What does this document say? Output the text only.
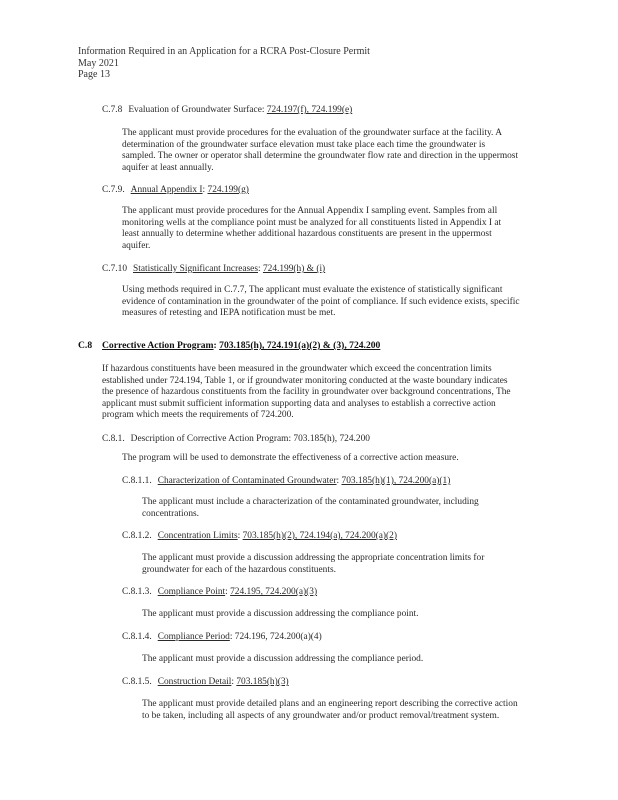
Information Required in an Application for a RCRA Post-Closure Permit
May 2021
Page 13
C.7.8 Evaluation of Groundwater Surface: 724.197(f), 724.199(e)
The applicant must provide procedures for the evaluation of the groundwater surface at the facility. A determination of the groundwater surface elevation must take place each time the groundwater is sampled. The owner or operator shall determine the groundwater flow rate and direction in the uppermost aquifer at least annually.
C.7.9. Annual Appendix I: 724.199(g)
The applicant must provide procedures for the Annual Appendix I sampling event. Samples from all monitoring wells at the compliance point must be analyzed for all constituents listed in Appendix I at least annually to determine whether additional hazardous constituents are present in the uppermost aquifer.
C.7.10 Statistically Significant Increases: 724.199(h) & (i)
Using methods required in C.7.7, The applicant must evaluate the existence of statistically significant evidence of contamination in the groundwater of the point of compliance. If such evidence exists, specific measures of retesting and IEPA notification must be met.
C.8 Corrective Action Program: 703.185(h), 724.191(a)(2) & (3), 724.200
If hazardous constituents have been measured in the groundwater which exceed the concentration limits established under 724.194, Table 1, or if groundwater monitoring conducted at the waste boundary indicates the presence of hazardous constituents from the facility in groundwater over background concentrations, The applicant must submit sufficient information supporting data and analyses to establish a corrective action program which meets the requirements of 724.200.
C.8.1. Description of Corrective Action Program: 703.185(h), 724.200
The program will be used to demonstrate the effectiveness of a corrective action measure.
C.8.1.1. Characterization of Contaminated Groundwater: 703.185(h)(1), 724.200(a)(1)
The applicant must include a characterization of the contaminated groundwater, including concentrations.
C.8.1.2. Concentration Limits: 703.185(h)(2), 724.194(a), 724.200(a)(2)
The applicant must provide a discussion addressing the appropriate concentration limits for groundwater for each of the hazardous constituents.
C.8.1.3. Compliance Point: 724.195, 724.200(a)(3)
The applicant must provide a discussion addressing the compliance point.
C.8.1.4. Compliance Period: 724.196, 724.200(a)(4)
The applicant must provide a discussion addressing the compliance period.
C.8.1.5. Construction Detail: 703.185(h)(3)
The applicant must provide detailed plans and an engineering report describing the corrective action to be taken, including all aspects of any groundwater and/or product removal/treatment system.
